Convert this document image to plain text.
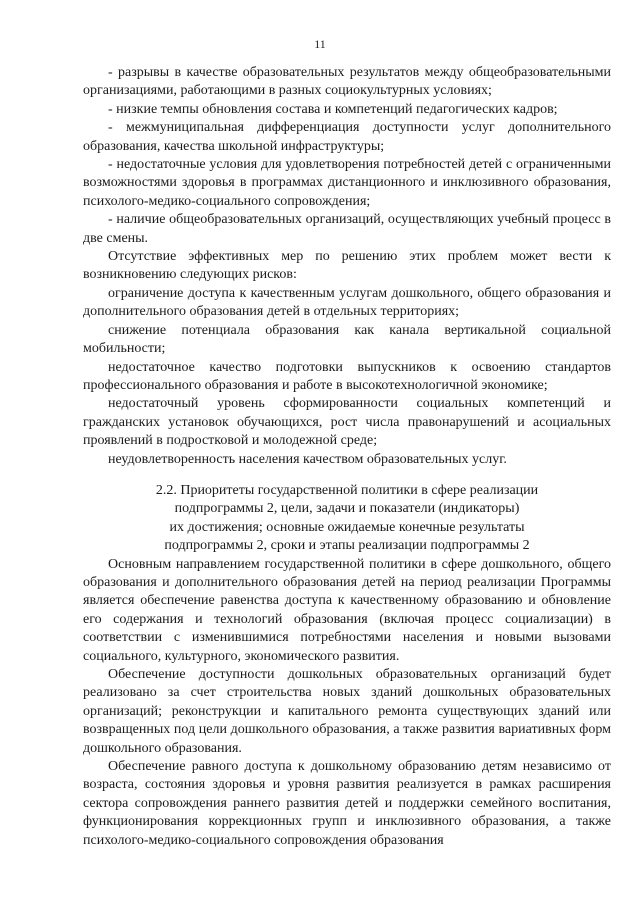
11

- разрывы в качестве образовательных результатов между общеобразовательными организациями, работающими в разных социокультурных условиях;

- низкие темпы обновления состава и компетенций педагогических кадров;

- межмуниципальная дифференциация доступности услуг дополнительного образования, качества школьной инфраструктуры;

- недостаточные условия для удовлетворения потребностей детей с ограниченными возможностями здоровья в программах дистанционного и инклюзивного образования, психолого-медико-социального сопровождения;

- наличие общеобразовательных организаций, осуществляющих учебный процесс в две смены.

Отсутствие эффективных мер по решению этих проблем может вести к возникновению следующих рисков:

ограничение доступа к качественным услугам дошкольного, общего образования и дополнительного образования детей в отдельных территориях;

снижение потенциала образования как канала вертикальной социальной мобильности;

недостаточное качество подготовки выпускников к освоению стандартов профессионального образования и работе в высокотехнологичной экономике;

недостаточный уровень сформированности социальных компетенций и гражданских установок обучающихся, рост числа правонарушений и асоциальных проявлений в подростковой и молодежной среде;

неудовлетворенность населения качеством образовательных услуг.

2.2. Приоритеты государственной политики в сфере реализации

подпрограммы 2, цели, задачи и показатели (индикаторы)

их достижения; основные ожидаемые конечные результаты

подпрограммы 2, сроки и этапы реализации подпрограммы 2

Основным направлением государственной политики в сфере дошкольного, общего образования и дополнительного образования детей на период реализации Программы является обеспечение равенства доступа к качественному образованию и обновление его содержания и технологий образования (включая процесс социализации) в соответствии с изменившимися потребностями населения и новыми вызовами социального, культурного, экономического развития.

Обеспечение доступности дошкольных образовательных организаций будет реализовано за счет строительства новых зданий дошкольных образовательных организаций; реконструкции и капитального ремонта существующих зданий или возвращенных под цели дошкольного образования, а также развития вариативных форм дошкольного образования.

Обеспечение равного доступа к дошкольному образованию детям независимо от возраста, состояния здоровья и уровня развития реализуется в рамках расширения сектора сопровождения раннего развития детей и поддержки семейного воспитания, функционирования коррекционных групп и инклюзивного образования, а также психолого-медико-социального сопровождения образования
